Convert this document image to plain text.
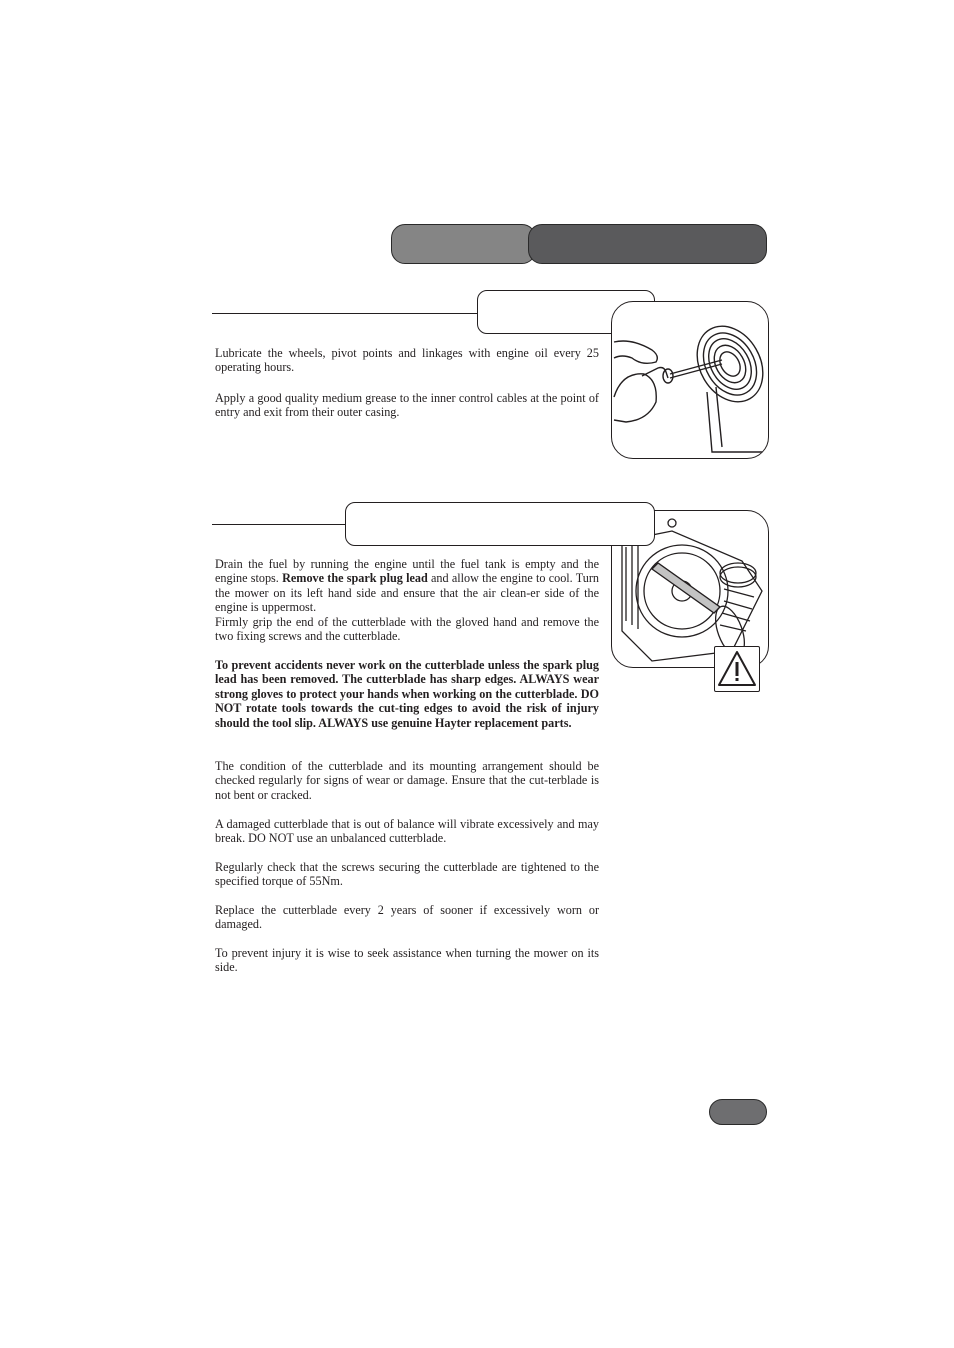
Lubricate the wheels, pivot points and linkages with engine oil every 25 operating hours.

Apply a good quality medium grease to the inner control cables at the point of entry and exit from their outer casing.

Drain the fuel by running the engine until the fuel tank is empty and the engine stops. Remove the spark plug lead and allow the engine to cool. Turn the mower on its left hand side and ensure that the air clean-er side of the engine is uppermost.

Firmly grip the end of the cutterblade with the gloved hand and remove the two fixing screws and the cutterblade.

To prevent accidents never work on the cutterblade unless the spark plug lead has been removed. The cutterblade has sharp edges. ALWAYS wear strong gloves to protect your hands when working on the cutterblade. DO NOT rotate tools towards the cut-ting edges to avoid the risk of injury should the tool slip. ALWAYS use genuine Hayter replacement parts.

The condition of the cutterblade and its mounting arrangement should be checked regularly for signs of wear or damage. Ensure that the cut-terblade is not bent or cracked.

A damaged cutterblade that is out of balance will vibrate excessively and may break. DO NOT use an unbalanced cutterblade.

Regularly check that the screws securing the cutterblade are tightened to the specified torque of 55Nm.

Replace the cutterblade every 2 years of sooner if excessively worn or damaged.

To prevent injury it is wise to seek assistance when turning the mower on its side.
